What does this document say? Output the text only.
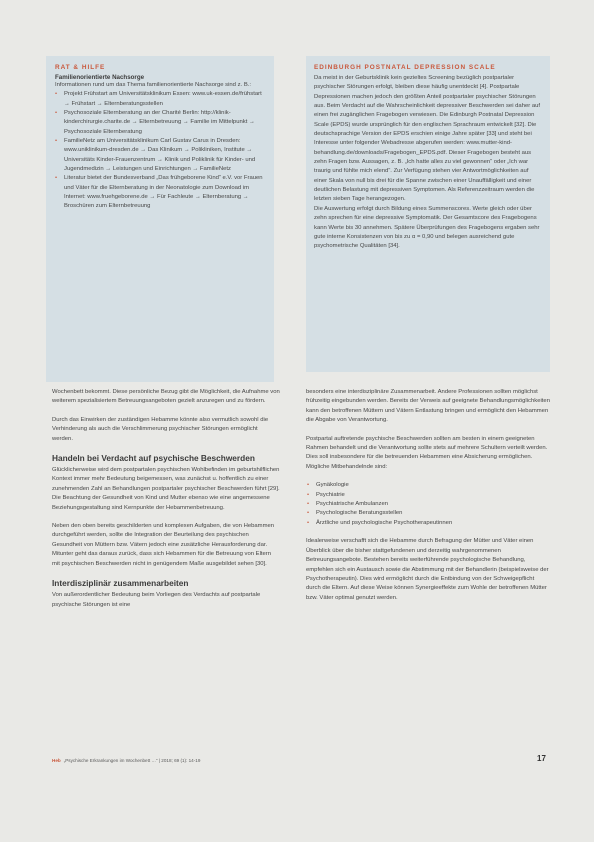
RAT & HILFE
Familienorientierte Nachsorge
Informationen rund um das Thema familienorientierte Nachsorge sind z. B.:
• Projekt Frühstart am Universitätsklinikum Essen: www.uk-essen.de/frühstart → Frühstart → Elternberatungsstellen
• Psychosoziale Elternberatung an der Charité Berlin: http://klinik-kinderchirurgie.charite.de → Elternbetreuung → Familie im Mittelpunkt → Psychosoziale Elternberatung
• FamilieNetz am Universitätsklinikum Carl Gustav Carus in Dresden: www.uniklinikum-dresden.de → Das Klinikum → Polikliniken, Institute → Universitäts Kinder-Frauenzentrum → Klinik und Poliklinik für Kinder- und Jugendmedizin → Leistungen und Einrichtungen → FamilieNetz
• Literatur bietet der Bundesverband „Das frühgeborene Kind“ e.V. vor Frauen und Väter für die Elternberatung in der Neonatologie zum Download im Internet: www.fruehgeborene.de → Für Fachleute → Elternberatung → Broschüren zum Elternbetreuung
EDINBURGH POSTNATAL DEPRESSION SCALE
Da meist in der Geburtsklinik kein gezieltes Screening bezüglich postpartaler psychischer Störungen erfolgt, bleiben diese häufig unentdeckt [4]. Postpartale Depressionen machen jedoch den größten Anteil postpartaler psychischer Störungen aus. Beim Verdacht auf die Wahrscheinlichkeit depressiver Beschwerden sei daher auf einen frei zugänglichen Fragebogen verwiesen. Die Edinburgh Postnatal Depression Scale (EPDS) wurde ursprünglich für den englischen Sprachraum entwickelt [32]. Die deutschsprachige Version der EPDS erschien einige Jahre später [33] und steht bei Interesse unter folgender Webadresse abgerufen werden: www.mutter-kind-behandlung.de/downloads/Fragebogen_EPDS.pdf. Dieser Fragebogen besteht aus zehn Fragen bzw. Aussagen, z. B. „Ich hatte alles zu viel gewonnen“ oder „Ich war traurig und fühlte mich elend“. Zur Verfügung stehen vier Antwortmöglichkeiten auf einer Skala von null bis drei für die Spanne zwischen einer Unauffälligkeit und einer deutlichen Belastung mit depressiven Symptomen. Als Referenzzeitraum werden die letzten sieben Tage herangezogen.
Die Auswertung erfolgt durch Bildung eines Summenscores. Werte gleich oder über zehn sprechen für eine depressive Symptomatik. Der Gesamtscore des Fragebogens kann Werte bis 30 annehmen. Spätere Überprüfungen des Fragebogens ergaben sehr gute interne Konsistenzen von bis zu α = 0,90 und belegen ausreichend gute psychometrische Qualitäten [34].

Wochenbett bekommt. Diese persönliche Bezug gibt die Möglichkeit, die Aufnahme von weiterem spezialisiertem Betreuungsangeboten gezielt anzuregen und zu fördern.

Durch das Einwirken der zuständigen Hebamme könnte also vermutlich sowohl die Verhinderung als auch die Verschlimmerung psychischer Störungen ermöglicht werden.

Handeln bei Verdacht auf psychische Beschwerden

Glücklicherweise wird dem postpartalen psychischen Wohlbefinden im geburtshilflichen Kontext immer mehr Bedeutung beigemessen, was zunächst u. hoffentlich zu einer zunehmenden Zahl an Behandlungen postpartaler psychischer Beschwerden führt [29]. Die Beachtung der Gesundheit von Kind und Mutter ebenso wie eine angemessene Beziehungsgestaltung sind Kernpunkte der Hebammenbetreuung.

Neben den oben bereits geschilderten und komplexen Aufgaben, die von Hebammen durchgeführt werden, sollte die Integration der Beurteilung des psychischen Gesundheit von Müttern bzw. Vätern jedoch eine zusätzliche Herausforderung dar. Mitunter geht das daraus zurück, dass sich Hebammen für die Betreuung von Eltern mit psychischen Beschwerden nicht in genügendem Maße ausgebildet sehen [30].

Interdisziplinär zusammenarbeiten

Von außerordentlicher Bedeutung beim Vorliegen des Verdachts auf postpartale psychische Störungen ist eine

besonders eine interdisziplinäre Zusammenarbeit. Andere Professionen sollten möglichst frühzeitig eingebunden werden. Bereits der Verweis auf geeignete Behandlungsmöglichkeiten kann den betroffenen Müttern und Vätern Entlastung bringen und ermöglicht den Hebammen die Abgabe von Verantwortung.

Postpartal auftretende psychische Beschwerden sollten am besten in einem geeigneten Rahmen behandelt und die Verantwortung sollte stets auf mehrere Schultern verteilt werden. Dies soll insbesondere für die betreuenden Hebammen eine Absicherung ermöglichen. Mögliche Mitbehandelnde sind:

• Gynäkologie
• Psychiatrie
• Psychiatrische Ambulanzen
• Psychologische Beratungsstellen
• Ärztliche und psychologische Psychotherapeutinnen

Idealerweise verschafft sich die Hebamme durch Befragung der Mütter und Väter einen Überblick über die bisher stattgefundenen und derzeitig wahrgenommenen Betreuungsangebote. Bestehen bereits weiterführende psychologische Behandlung, empfehlen sich ein Austausch sowie die Abstimmung mit der Behandlerin (beispielsweise der Psychotherapeutin). Dies wird ermöglicht durch die Entbindung von der Schweigepflicht durch die Eltern. Auf diese Weise können Synergieeffekte zum Wohle der betroffenen Mütter bzw. Väter optimal genutzt werden.

Heb „Psychische Erkrankungen im Wochenbett …“ | 2018; 69 (1): 14-19	17
